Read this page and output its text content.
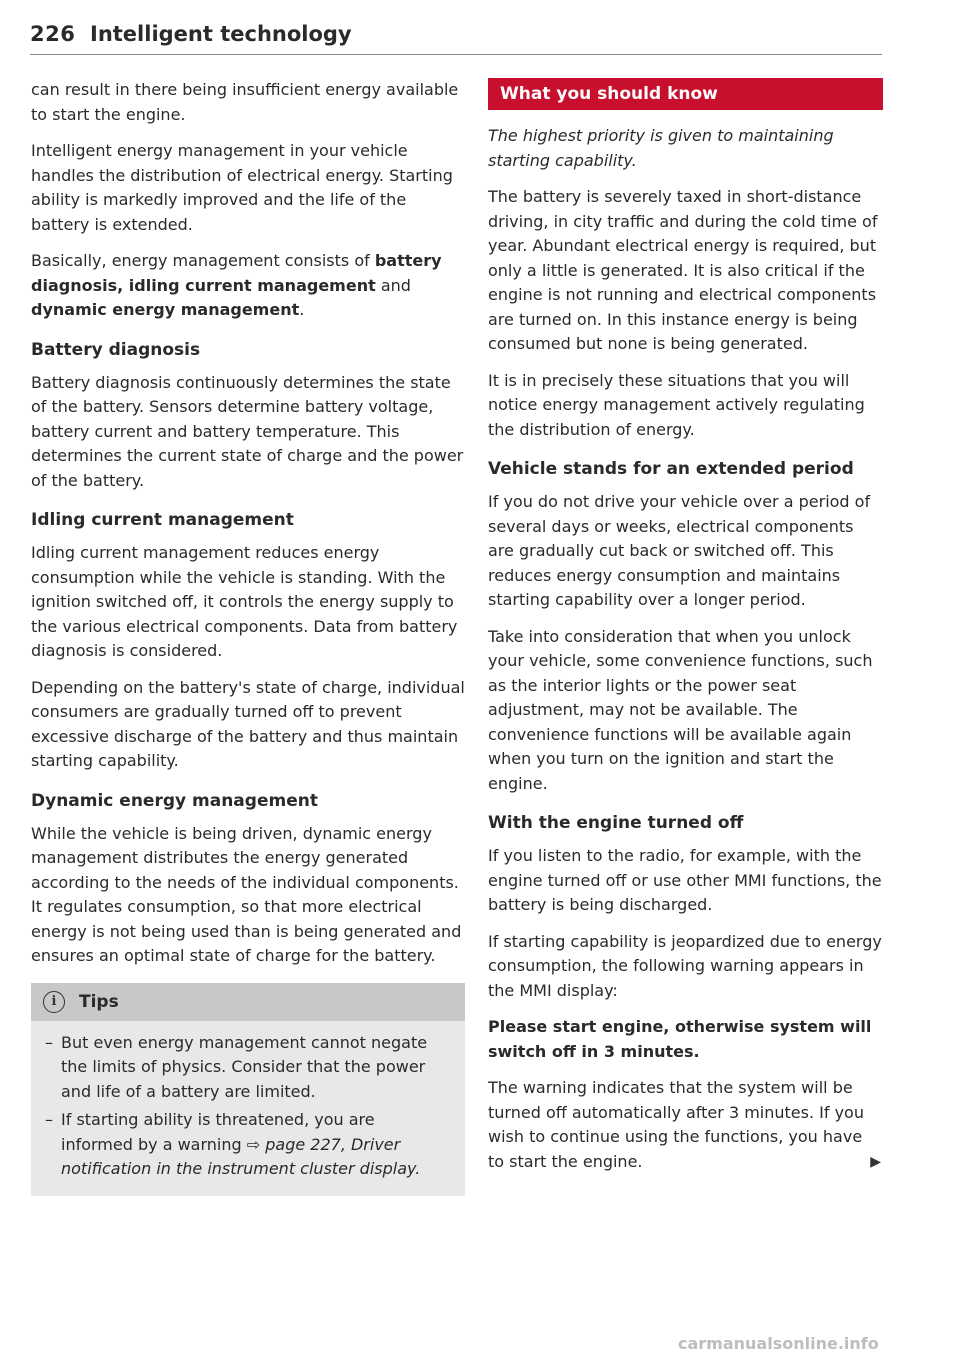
226 Intelligent technology

can result in there being insufficient energy available to start the engine.

Intelligent energy management in your vehicle handles the distribution of electrical energy. Starting ability is markedly improved and the life of the battery is extended.

Basically, energy management consists of battery diagnosis, idling current management and dynamic energy management.

Battery diagnosis

Battery diagnosis continuously determines the state of the battery. Sensors determine battery voltage, battery current and battery temperature. This determines the current state of charge and the power of the battery.

Idling current management

Idling current management reduces energy consumption while the vehicle is standing. With the ignition switched off, it controls the energy supply to the various electrical components. Data from battery diagnosis is considered.

Depending on the battery's state of charge, individual consumers are gradually turned off to prevent excessive discharge of the battery and thus maintain starting capability.

Dynamic energy management

While the vehicle is being driven, dynamic energy management distributes the energy generated according to the needs of the individual components. It regulates consumption, so that more electrical energy is not being used than is being generated and ensures an optimal state of charge for the battery.

i	Tips
– But even energy management cannot negate the limits of physics. Consider that the power and life of a battery are limited.
– If starting ability is threatened, you are informed by a warning ⇨ page 227, Driver notification in the instrument cluster display.
What you should know

The highest priority is given to maintaining starting capability.

The battery is severely taxed in short-distance driving, in city traffic and during the cold time of year. Abundant electrical energy is required, but only a little is generated. It is also critical if the engine is not running and electrical components are turned on. In this instance energy is being consumed but none is being generated.

It is in precisely these situations that you will notice energy management actively regulating the distribution of energy.

Vehicle stands for an extended period

If you do not drive your vehicle over a period of several days or weeks, electrical components are gradually cut back or switched off. This reduces energy consumption and maintains starting capability over a longer period.

Take into consideration that when you unlock your vehicle, some convenience functions, such as the interior lights or the power seat adjustment, may not be available. The convenience functions will be available again when you turn on the ignition and start the engine.

With the engine turned off

If you listen to the radio, for example, with the engine turned off or use other MMI functions, the battery is being discharged.

If starting capability is jeopardized due to energy consumption, the following warning appears in the MMI display:

Please start engine, otherwise system will switch off in 3 minutes.

The warning indicates that the system will be turned off automatically after 3 minutes. If you wish to continue using the functions, you have to start the engine.	▶

carmanualsonline.info
